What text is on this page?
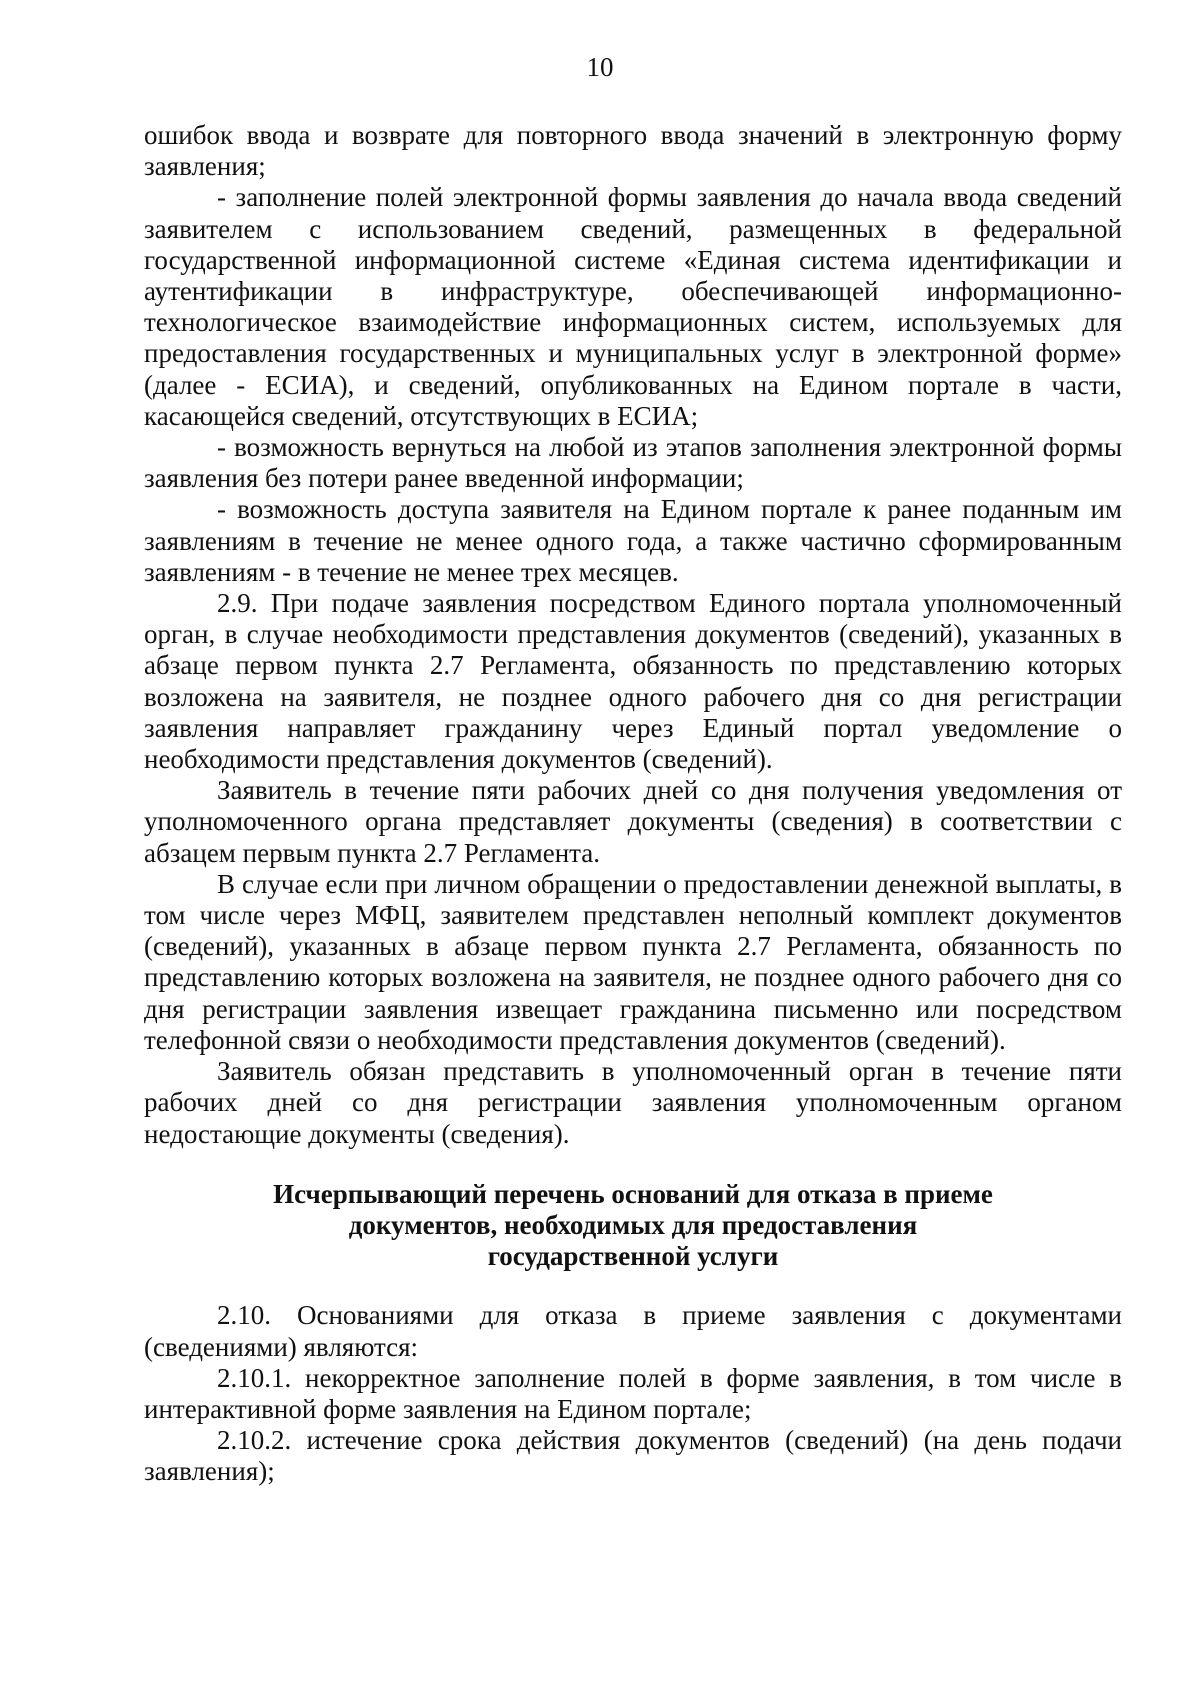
10

ошибок ввода и возврате для повторного ввода значений в электронную форму заявления;

- заполнение полей электронной формы заявления до начала ввода сведений заявителем с использованием сведений, размещенных в федеральной государственной информационной системе «Единая система идентификации и аутентификации в инфраструктуре, обеспечивающей информационно-технологическое взаимодействие информационных систем, используемых для предоставления государственных и муниципальных услуг в электронной форме» (далее - ЕСИА), и сведений, опубликованных на Едином портале в части, касающейся сведений, отсутствующих в ЕСИА;

- возможность вернуться на любой из этапов заполнения электронной формы заявления без потери ранее введенной информации;

- возможность доступа заявителя на Едином портале к ранее поданным им заявлениям в течение не менее одного года, а также частично сформированным заявлениям - в течение не менее трех месяцев.

2.9. При подаче заявления посредством Единого портала уполномоченный орган, в случае необходимости представления документов (сведений), указанных в абзаце первом пункта 2.7 Регламента, обязанность по представлению которых возложена на заявителя, не позднее одного рабочего дня со дня регистрации заявления направляет гражданину через Единый портал уведомление о необходимости представления документов (сведений).

Заявитель в течение пяти рабочих дней со дня получения уведомления от уполномоченного органа представляет документы (сведения) в соответствии с абзацем первым пункта 2.7 Регламента.

В случае если при личном обращении о предоставлении денежной выплаты, в том числе через МФЦ, заявителем представлен неполный комплект документов (сведений), указанных в абзаце первом пункта 2.7 Регламента, обязанность по представлению которых возложена на заявителя, не позднее одного рабочего дня со дня регистрации заявления извещает гражданина письменно или посредством телефонной связи о необходимости представления документов (сведений).

Заявитель обязан представить в уполномоченный орган в течение пяти рабочих дней со дня регистрации заявления уполномоченным органом недостающие документы (сведения).

Исчерпывающий перечень оснований для отказа в приеме
документов, необходимых для предоставления
государственной услуги

2.10. Основаниями для отказа в приеме заявления с документами (сведениями) являются:

2.10.1. некорректное заполнение полей в форме заявления, в том числе в интерактивной форме заявления на Едином портале;

2.10.2. истечение срока действия документов (сведений) (на день подачи заявления);
